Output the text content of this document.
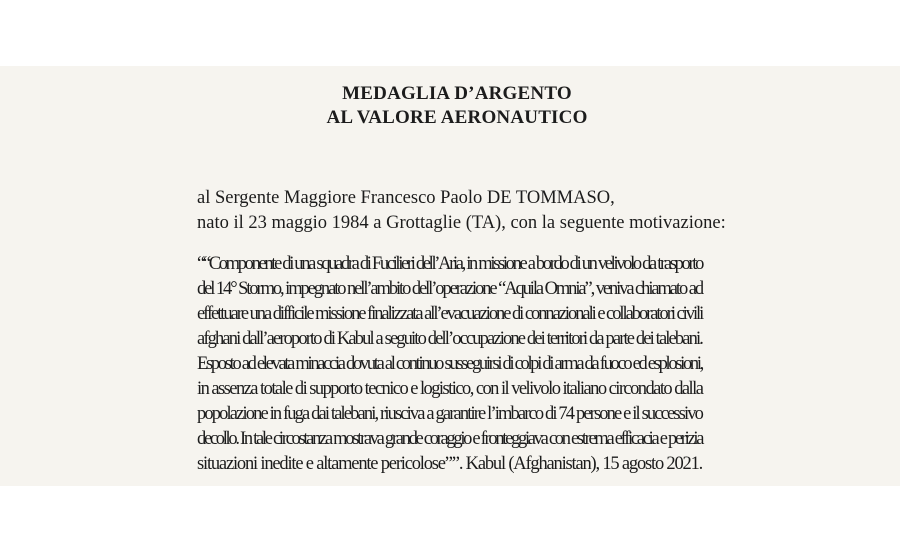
MEDAGLIA D’ARGENTO
AL VALORE AERONAUTICO
al Sergente Maggiore Francesco Paolo DE TOMMASO,
nato il 23 maggio 1984 a Grottaglie (TA), con la seguente motivazione:
““Componente di una squadra di Fucilieri dell’Aria, in missione a bordo di un velivolo da trasporto
del 14° Stormo, impegnato nell’ambito dell’operazione “Aquila Omnia”, veniva chiamato ad
effettuare una difficile missione finalizzata all’evacuazione di connazionali e collaboratori civili
afghani dall’aeroporto di Kabul a seguito dell’occupazione dei territori da parte dei talebani.
Esposto ad elevata minaccia dovuta al continuo susseguirsi di colpi di arma da fuoco ed esplosioni,
in assenza totale di supporto tecnico e logistico, con il velivolo italiano circondato dalla
popolazione in fuga dai talebani, riusciva a garantire l’imbarco di 74 persone e il successivo
decollo. In tale circostanza mostrava grande coraggio e fronteggiava con estrema efficacia e perizia
situazioni inedite e altamente pericolose””. Kabul (Afghanistan), 15 agosto 2021.
